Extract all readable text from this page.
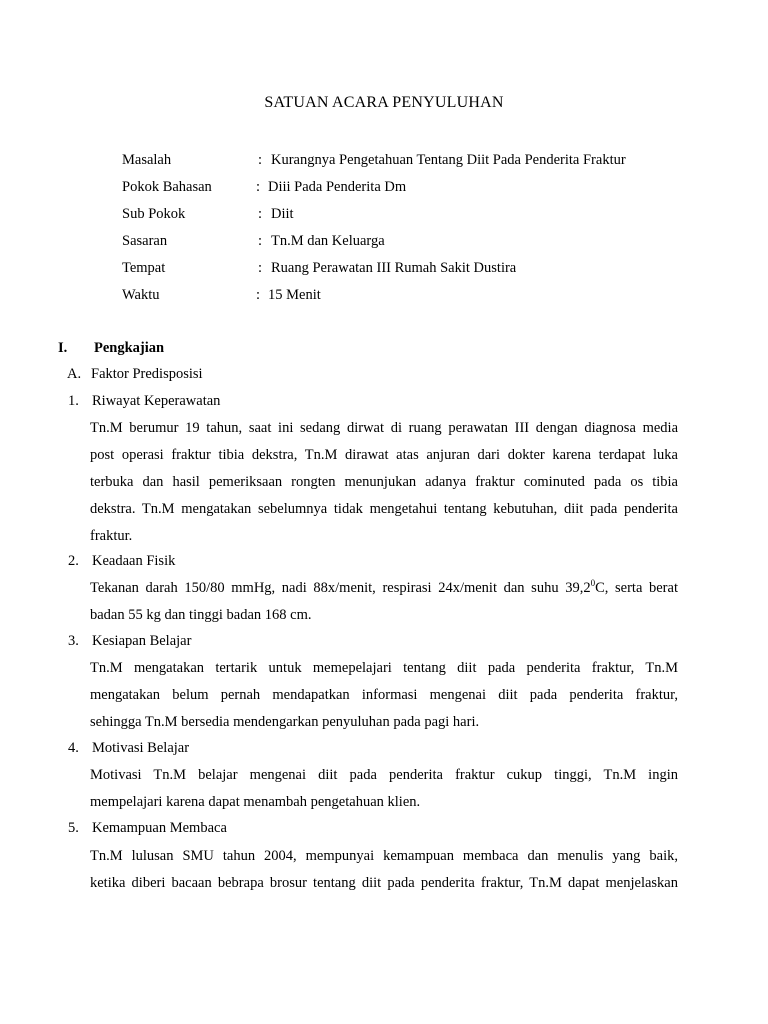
SATUAN ACARA PENYULUHAN
Masalah	: Kurangnya Pengetahuan Tentang Diit Pada Penderita Fraktur
Pokok Bahasan	: Diii Pada Penderita Dm
Sub Pokok	: Diit
Sasaran	: Tn.M dan Keluarga
Tempat	: Ruang Perawatan III Rumah Sakit Dustira
Waktu	: 15 Menit
I. Pengkajian
A. Faktor Predisposisi
1. Riwayat Keperawatan
Tn.M berumur 19 tahun, saat ini sedang dirwat di ruang perawatan III dengan diagnosa media
post operasi fraktur tibia dekstra, Tn.M dirawat atas anjuran dari dokter karena terdapat luka
terbuka dan hasil pemeriksaan rongten menunjukan adanya fraktur cominuted pada os tibia
dekstra. Tn.M mengatakan sebelumnya tidak mengetahui tentang kebutuhan, diit pada penderita
fraktur.
2. Keadaan Fisik
Tekanan darah 150/80 mmHg, nadi 88x/menit, respirasi 24x/menit dan suhu 39,2$^0$C, serta berat
badan 55 kg dan tinggi badan 168 cm.
3. Kesiapan Belajar
Tn.M mengatakan tertarik untuk memepelajari tentang diit pada penderita fraktur, Tn.M
mengatakan belum pernah mendapatkan informasi mengenai diit pada penderita fraktur,
sehingga Tn.M bersedia mendengarkan penyuluhan pada pagi hari.
4. Motivasi Belajar
Motivasi Tn.M belajar mengenai diit pada penderita fraktur cukup tinggi, Tn.M ingin
mempelajari karena dapat menambah pengetahuan klien.
5. Kemampuan Membaca
Tn.M lulusan SMU tahun 2004, mempunyai kemampuan membaca dan menulis yang baik,
ketika diberi bacaan bebrapa brosur tentang diit pada penderita fraktur, Tn.M dapat menjelaskan
